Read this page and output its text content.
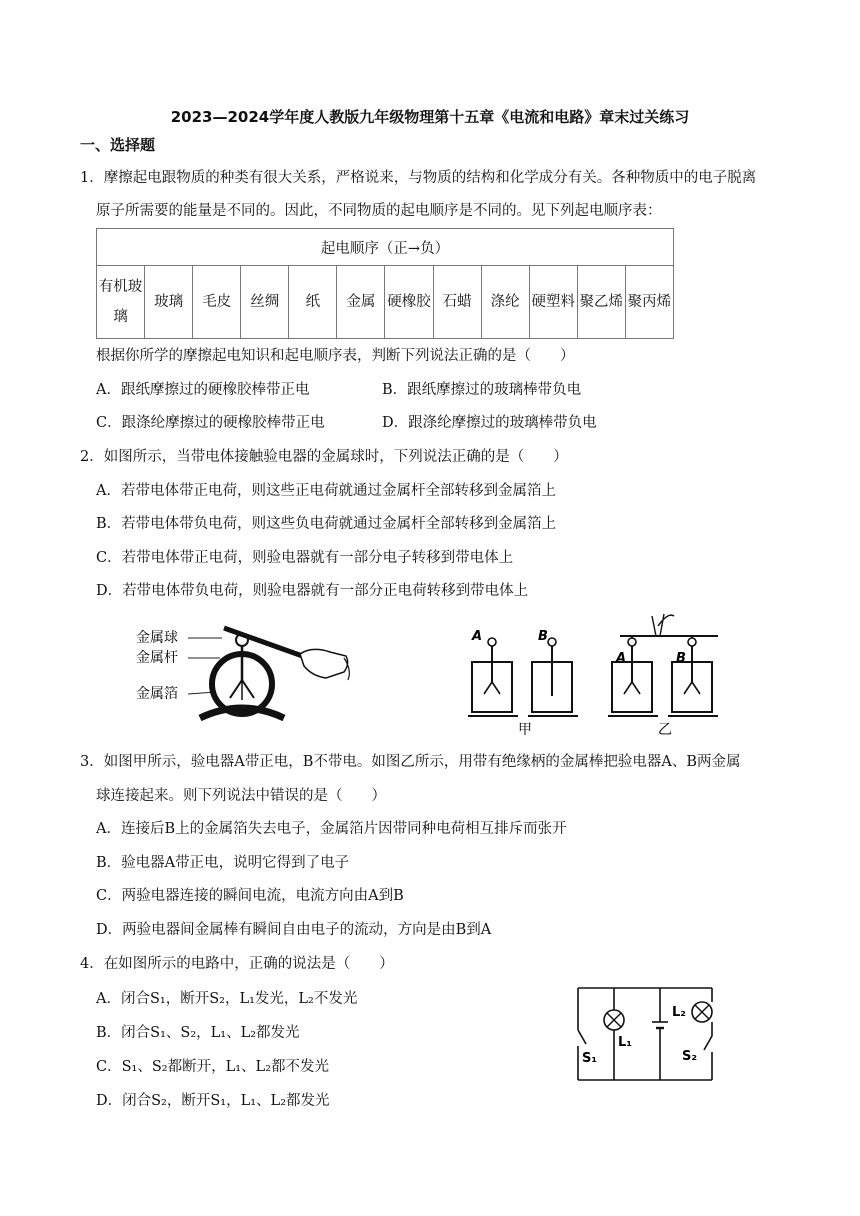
2023—2024学年度人教版九年级物理第十五章《电流和电路》章末过关练习
一、选择题
1．摩擦起电跟物质的种类有很大关系，严格说来，与物质的结构和化学成分有关。各种物质中的电子脱离
原子所需要的能量是不同的。因此，不同物质的起电顺序是不同的。见下列起电顺序表：
起电顺序（正→负）
有机玻璃	玻璃	毛皮	丝绸	纸	金属	硬橡胶	石蜡	涤纶	硬塑料	聚乙烯	聚丙烯
根据你所学的摩擦起电知识和起电顺序表，判断下列说法正确的是（　　）
A．跟纸摩擦过的硬橡胶棒带正电	B．跟纸摩擦过的玻璃棒带负电
C．跟涤纶摩擦过的硬橡胶棒带正电	D．跟涤纶摩擦过的玻璃棒带负电
2．如图所示，当带电体接触验电器的金属球时，下列说法正确的是（　　）
A．若带电体带正电荷，则这些正电荷就通过金属杆全部转移到金属箔上
B．若带电体带负电荷，则这些负电荷就通过金属杆全部转移到金属箔上
C．若带电体带正电荷，则验电器就有一部分电子转移到带电体上
D．若带电体带负电荷，则验电器就有一部分正电荷转移到带电体上
金属球
金属杆
金属箔
A	B
甲
A	B
乙
3．如图甲所示，验电器A带正电，B不带电。如图乙所示，用带有绝缘柄的金属棒把验电器A、B两金属
球连接起来。则下列说法中错误的是（　　）
A．连接后B上的金属箔失去电子，金属箔片因带同种电荷相互排斥而张开
B．验电器A带正电，说明它得到了电子
C．两验电器连接的瞬间电流，电流方向由A到B
D．两验电器间金属棒有瞬间自由电子的流动，方向是由B到A
4．在如图所示的电路中，正确的说法是（　　）
A．闭合S₁，断开S₂，L₁发光，L₂不发光
B．闭合S₁、S₂，L₁、L₂都发光
C．S₁、S₂都断开，L₁、L₂都不发光
D．闭合S₂，断开S₁，L₁、L₂都发光
S₁
L₁
L₂
S₂
